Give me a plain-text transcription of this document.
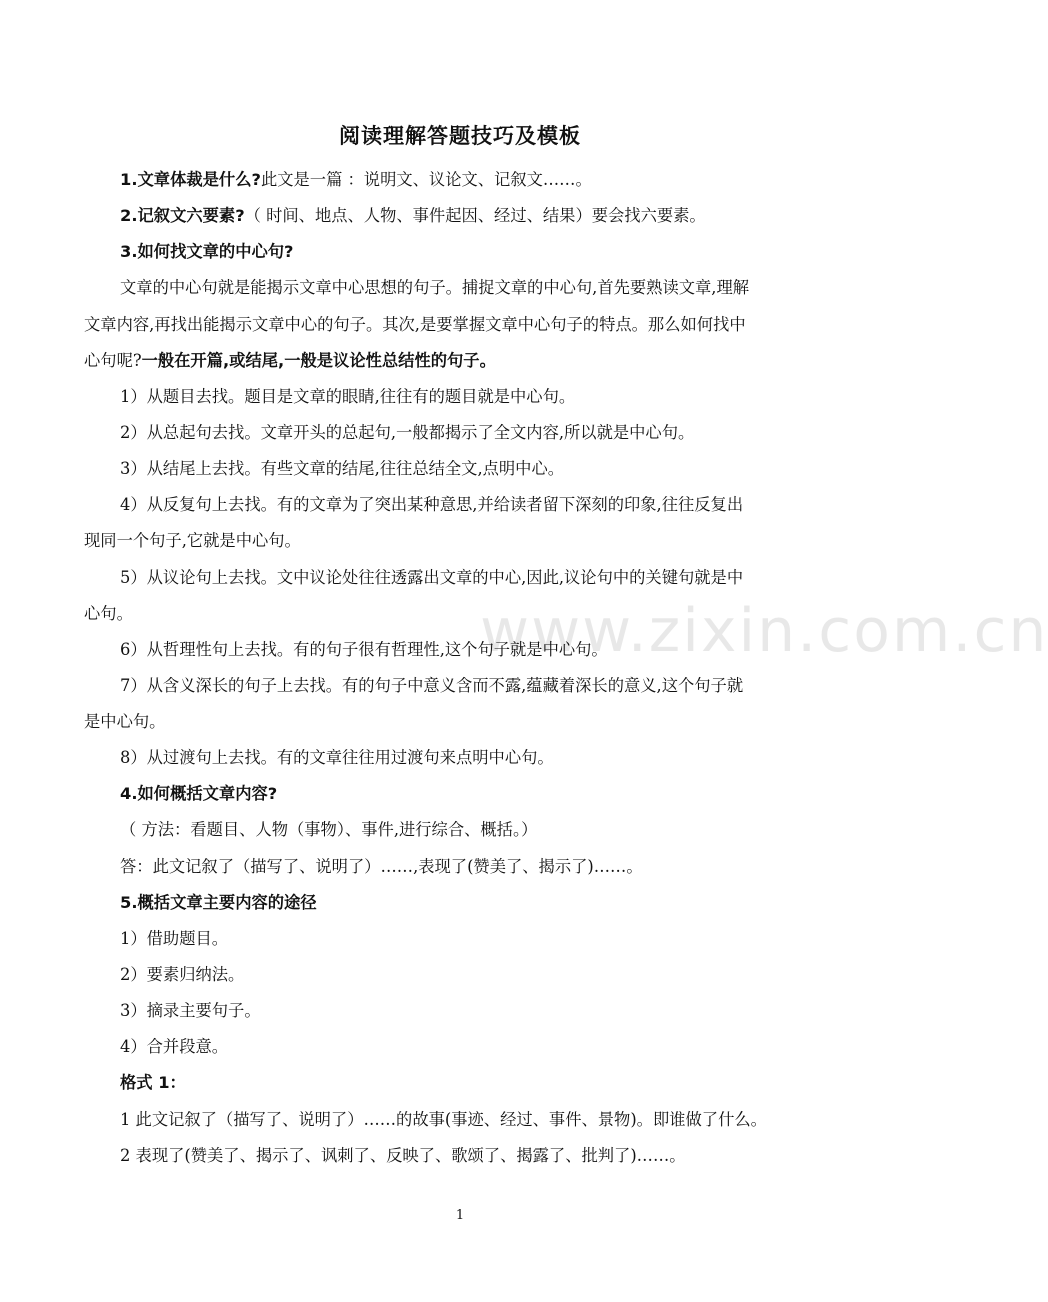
www.zixin.com.cn
阅读理解答题技巧及模板
1.文章体裁是什么?此文是一篇 ：说明文、议论文、记叙文……。
2.记叙文六要素?（ 时间、地点、人物、事件起因、经过、结果）要会找六要素。
3.如何找文章的中心句?
文章的中心句就是能揭示文章中心思想的句子。捕捉文章的中心句,首先要熟读文章,理解
文章内容,再找出能揭示文章中心的句子。其次,是要掌握文章中心句子的特点。那么如何找中
心句呢?一般在开篇,或结尾,一般是议论性总结性的句子。
1）从题目去找。题目是文章的眼睛,往往有的题目就是中心句。
2）从总起句去找。文章开头的总起句,一般都揭示了全文内容,所以就是中心句。
3）从结尾上去找。有些文章的结尾,往往总结全文,点明中心。
4）从反复句上去找。有的文章为了突出某种意思,并给读者留下深刻的印象,往往反复出
现同一个句子,它就是中心句。
5）从议论句上去找。文中议论处往往透露出文章的中心,因此,议论句中的关键句就是中
心句。
6）从哲理性句上去找。有的句子很有哲理性,这个句子就是中心句。
7）从含义深长的句子上去找。有的句子中意义含而不露,蕴藏着深长的意义,这个句子就
是中心句。
8）从过渡句上去找。有的文章往往用过渡句来点明中心句。
4.如何概括文章内容?
（ 方法：看题目、人物（事物）、事件,进行综合、概括。）
答：此文记叙了（描写了、说明了）……,表现了(赞美了、揭示了)……。
5.概括文章主要内容的途径
1）借助题目。
2）要素归纳法。
3）摘录主要句子。
4）合并段意。
格式 1：
1 此文记叙了（描写了、说明了）……的故事(事迹、经过、事件、景物)。即谁做了什么。
2 表现了(赞美了、揭示了、讽刺了、反映了、歌颂了、揭露了、批判了)……。
1
